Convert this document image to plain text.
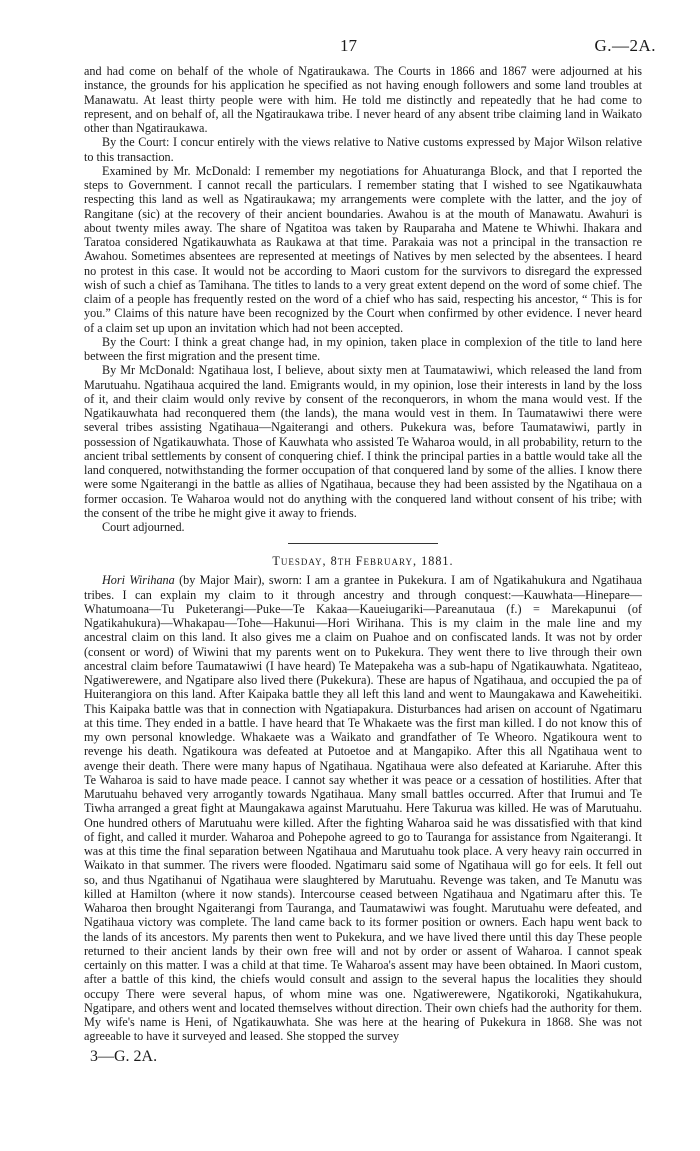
17	G.—2A.

and had come on behalf of the whole of Ngatiraukawa. The Courts in 1866 and 1867 were adjourned at his instance, the grounds for his application he specified as not having enough followers and some land troubles at Manawatu. At least thirty people were with him. He told me distinctly and repeatedly that he had come to represent, and on behalf of, all the Ngatiraukawa tribe. I never heard of any absent tribe claiming land in Waikato other than Ngatiraukawa.

By the Court: I concur entirely with the views relative to Native customs expressed by Major Wilson relative to this transaction.

Examined by Mr. McDonald: I remember my negotiations for Ahuaturanga Block, and that I reported the steps to Government. I cannot recall the particulars. I remember stating that I wished to see Ngatikauwhata respecting this land as well as Ngatiraukawa; my arrangements were complete with the latter, and the joy of Rangitane (sic) at the recovery of their ancient boundaries. Awahou is at the mouth of Manawatu. Awahuri is about twenty miles away. The share of Ngatitoa was taken by Rauparaha and Matene te Whiwhi. Ihakara and Taratoa considered Ngatikauwhata as Raukawa at that time. Parakaia was not a principal in the transaction re Awahou. Sometimes absentees are represented at meetings of Natives by men selected by the absentees. I heard no protest in this case. It would not be according to Maori custom for the survivors to disregard the expressed wish of such a chief as Tamihana. The titles to lands to a very great extent depend on the word of some chief. The claim of a people has frequently rested on the word of a chief who has said, respecting his ancestor, “ This is for you.” Claims of this nature have been recognized by the Court when confirmed by other evidence. I never heard of a claim set up upon an invitation which had not been accepted.

By the Court: I think a great change had, in my opinion, taken place in complexion of the title to land here between the first migration and the present time.

By Mr McDonald: Ngatihaua lost, I believe, about sixty men at Taumatawiwi, which released the land from Marutuahu. Ngatihaua acquired the land. Emigrants would, in my opinion, lose their interests in land by the loss of it, and their claim would only revive by consent of the reconquerors, in whom the mana would vest. If the Ngatikauwhata had reconquered them (the lands), the mana would vest in them. In Taumatawiwi there were several tribes assisting Ngatihaua—Ngaiterangi and others. Pukekura was, before Taumatawiwi, partly in possession of Ngatikauwhata. Those of Kauwhata who assisted Te Waharoa would, in all probability, return to the ancient tribal settlements by consent of conquering chief. I think the principal parties in a battle would take all the land conquered, notwithstanding the former occupation of that conquered land by some of the allies. I know there were some Ngaiterangi in the battle as allies of Ngatihaua, because they had been assisted by the Ngatihaua on a former occasion. Te Waharoa would not do anything with the conquered land without consent of his tribe; with the consent of the tribe he might give it away to friends.

Court adjourned.

Tuesday, 8th February, 1881.

Hori Wirihana (by Major Mair), sworn: I am a grantee in Pukekura. I am of Ngatikahukura and Ngatihaua tribes. I can explain my claim to it through ancestry and through conquest:—Kauwhata—Hinepare—Whatumoana—Tu Puketerangi—Puke—Te Kakaa—Kaueiugariki—Pareanutaua (f.) = Marekapunui (of Ngatikahukura)—Whakapau—Tohe—Hakunui—Hori Wirihana. This is my claim in the male line and my ancestral claim on this land. It also gives me a claim on Puahoe and on confiscated lands. It was not by order (consent or word) of Wiwini that my parents went on to Pukekura. They went there to live through their own ancestral claim before Taumatawiwi (I have heard) Te Matepakeha was a sub-hapu of Ngatikauwhata. Ngatiteao, Ngatiwerewere, and Ngatipare also lived there (Pukekura). These are hapus of Ngatihaua, and occupied the pa of Huiterangiora on this land. After Kaipaka battle they all left this land and went to Maungakawa and Kaweheitiki. This Kaipaka battle was that in connection with Ngatiapakura. Disturbances had arisen on account of Ngatimaru at this time. They ended in a battle. I have heard that Te Whakaete was the first man killed. I do not know this of my own personal knowledge. Whakaete was a Waikato and grandfather of Te Wheoro. Ngatikoura went to revenge his death. Ngatikoura was defeated at Putoetoe and at Mangapiko. After this all Ngatihaua went to avenge their death. There were many hapus of Ngatihaua. Ngatihaua were also defeated at Kariaruhe. After this Te Waharoa is said to have made peace. I cannot say whether it was peace or a cessation of hostilities. After that Marutuahu behaved very arrogantly towards Ngatihaua. Many small battles occurred. After that Irumui and Te Tiwha arranged a great fight at Maungakawa against Marutuahu. Here Takurua was killed. He was of Marutuahu. One hundred others of Marutuahu were killed. After the fighting Waharoa said he was dissatisfied with that kind of fight, and called it murder. Waharoa and Pohepohe agreed to go to Tauranga for assistance from Ngaiterangi. It was at this time the final separation between Ngatihaua and Marutuahu took place. A very heavy rain occurred in Waikato in that summer. The rivers were flooded. Ngatimaru said some of Ngatihaua will go for eels. It fell out so, and thus Ngatihanui of Ngatihaua were slaughtered by Marutuahu. Revenge was taken, and Te Manutu was killed at Hamilton (where it now stands). Intercourse ceased between Ngatihaua and Ngatimaru after this. Te Waharoa then brought Ngaiterangi from Tauranga, and Taumatawiwi was fought. Marutuahu were defeated, and Ngatihaua victory was complete. The land came back to its former position or owners. Each hapu went back to the lands of its ancestors. My parents then went to Pukekura, and we have lived there until this day These people returned to their ancient lands by their own free will and not by order or assent of Waharoa. I cannot speak certainly on this matter. I was a child at that time. Te Waharoa's assent may have been obtained. In Maori custom, after a battle of this kind, the chiefs would consult and assign to the several hapus the localities they should occupy There were several hapus, of whom mine was one. Ngatiwerewere, Ngatikoroki, Ngatikahukura, Ngatipare, and others went and located themselves without direction. Their own chiefs had the authority for them. My wife's name is Heni, of Ngatikauwhata. She was here at the hearing of Pukekura in 1868. She was not agreeable to have it surveyed and leased. She stopped the survey

3—G. 2A.
